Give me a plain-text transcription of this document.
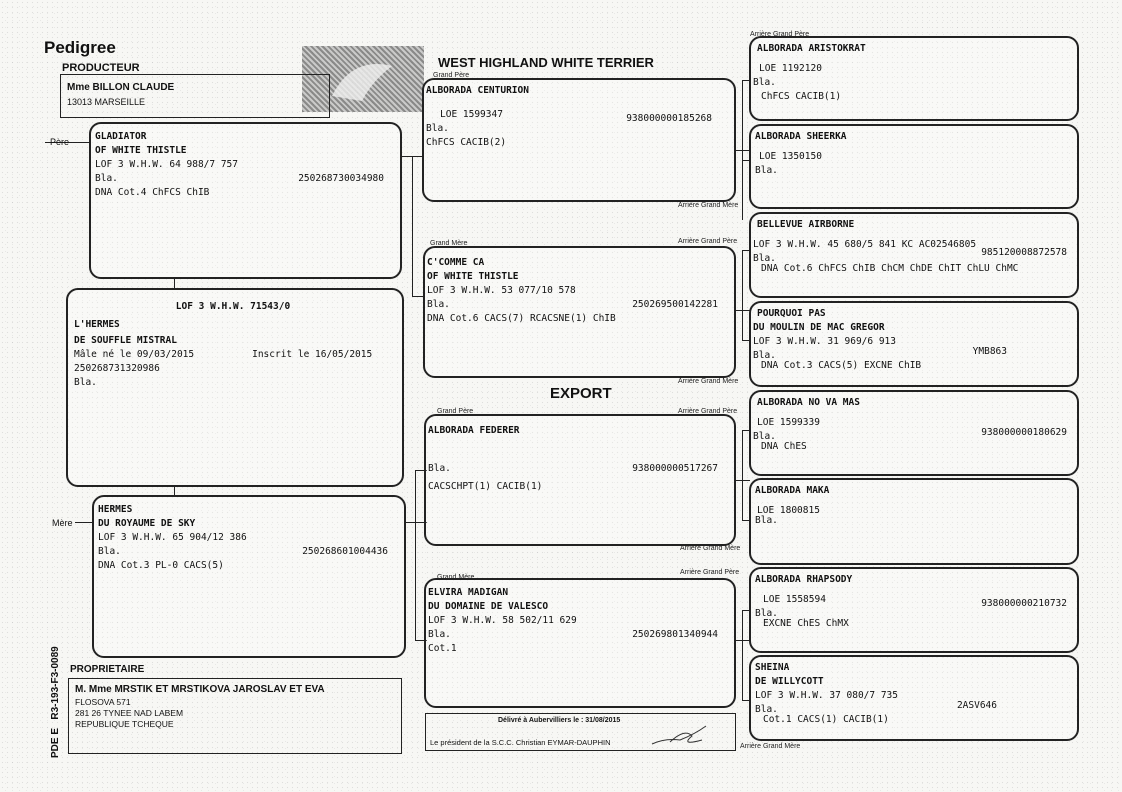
Pedigree
PRODUCTEUR	WEST HIGHLAND WHITE TERRIER
Mme BILLON CLAUDE
13013 MARSEILLE
Père	GLADIATOR
OF WHITE THISTLE
LOF 3 W.H.W. 64 988/7 757
Bla.	250268730034980
DNA Cot.4 ChFCS ChIB
LOF 3 W.H.W. 71543/0
L'HERMES
DE SOUFFLE MISTRAL
Mâle né le 09/03/2015	Inscrit le 16/05/2015
250268731320986
Bla.
Mère
HERMES
DU ROYAUME DE SKY
LOF 3 W.H.W. 65 904/12 386
Bla.	250268601004436
DNA Cot.3 PL-0 CACS(5)
Grand Père
ALBORADA CENTURION
LOE 1599347
Bla.
938000000185268
ChFCS CACIB(2)
Arrière Grand Mère
Grand Mère	Arrière Grand Père
C'COMME CA
OF WHITE THISTLE
LOF 3 W.H.W. 53 077/10 578
Bla.	250269500142281
DNA Cot.6 CACS(7) RCACSNE(1) ChIB
Arrière Grand Mère
EXPORT
Grand Père	Arrière Grand Père
ALBORADA FEDERER
Bla.	938000000517267
CACSCHPT(1) CACIB(1)
Arrière Grand Mère
Grand Mère
Arrière Grand Père
ELVIRA MADIGAN
DU DOMAINE DE VALESCO
LOF 3 W.H.W. 58 502/11 629
Bla.	250269801340944
Cot.1
Arrière Grand Père
ALBORADA ARISTOKRAT
LOE 1192120
Bla.
ChFCS CACIB(1)
ALBORADA SHEERKA
LOE 1350150
Bla.
BELLEVUE AIRBORNE
LOF 3 W.H.W. 45 680/5 841 KC AC02546805
Bla.
985120008872578
DNA Cot.6 ChFCS ChIB ChCM ChDE ChIT ChLU ChMC
POURQUOI PAS
DU MOULIN DE MAC GREGOR
LOF 3 W.H.W. 31 969/6 913
Bla.	YMB863
DNA Cot.3 CACS(5) EXCNE ChIB
ALBORADA NO VA MAS
LOE 1599339
Bla.	938000000180629
DNA ChES
ALBORADA MAKA
LOE 1800815
Bla.
ALBORADA RHAPSODY
LOE 1558594
Bla.
938000000210732
EXCNE ChES ChMX
SHEINA
DE WILLYCOTT
LOF 3 W.H.W. 37 080/7 735
Bla.	2ASV646
Cot.1 CACS(1) CACIB(1)
Arrière Grand Mère
PROPRIETAIRE
M. Mme MRSTIK ET MRSTIKOVA JAROSLAV ET EVA
FLOSOVA 571
281 26 TYNEE NAD LABEM
REPUBLIQUE TCHEQUE
PDE E   R3-193-F3-0089	Délivré à Aubervilliers le : 31/08/2015
Le président de la S.C.C. Christian EYMAR-DAUPHIN
